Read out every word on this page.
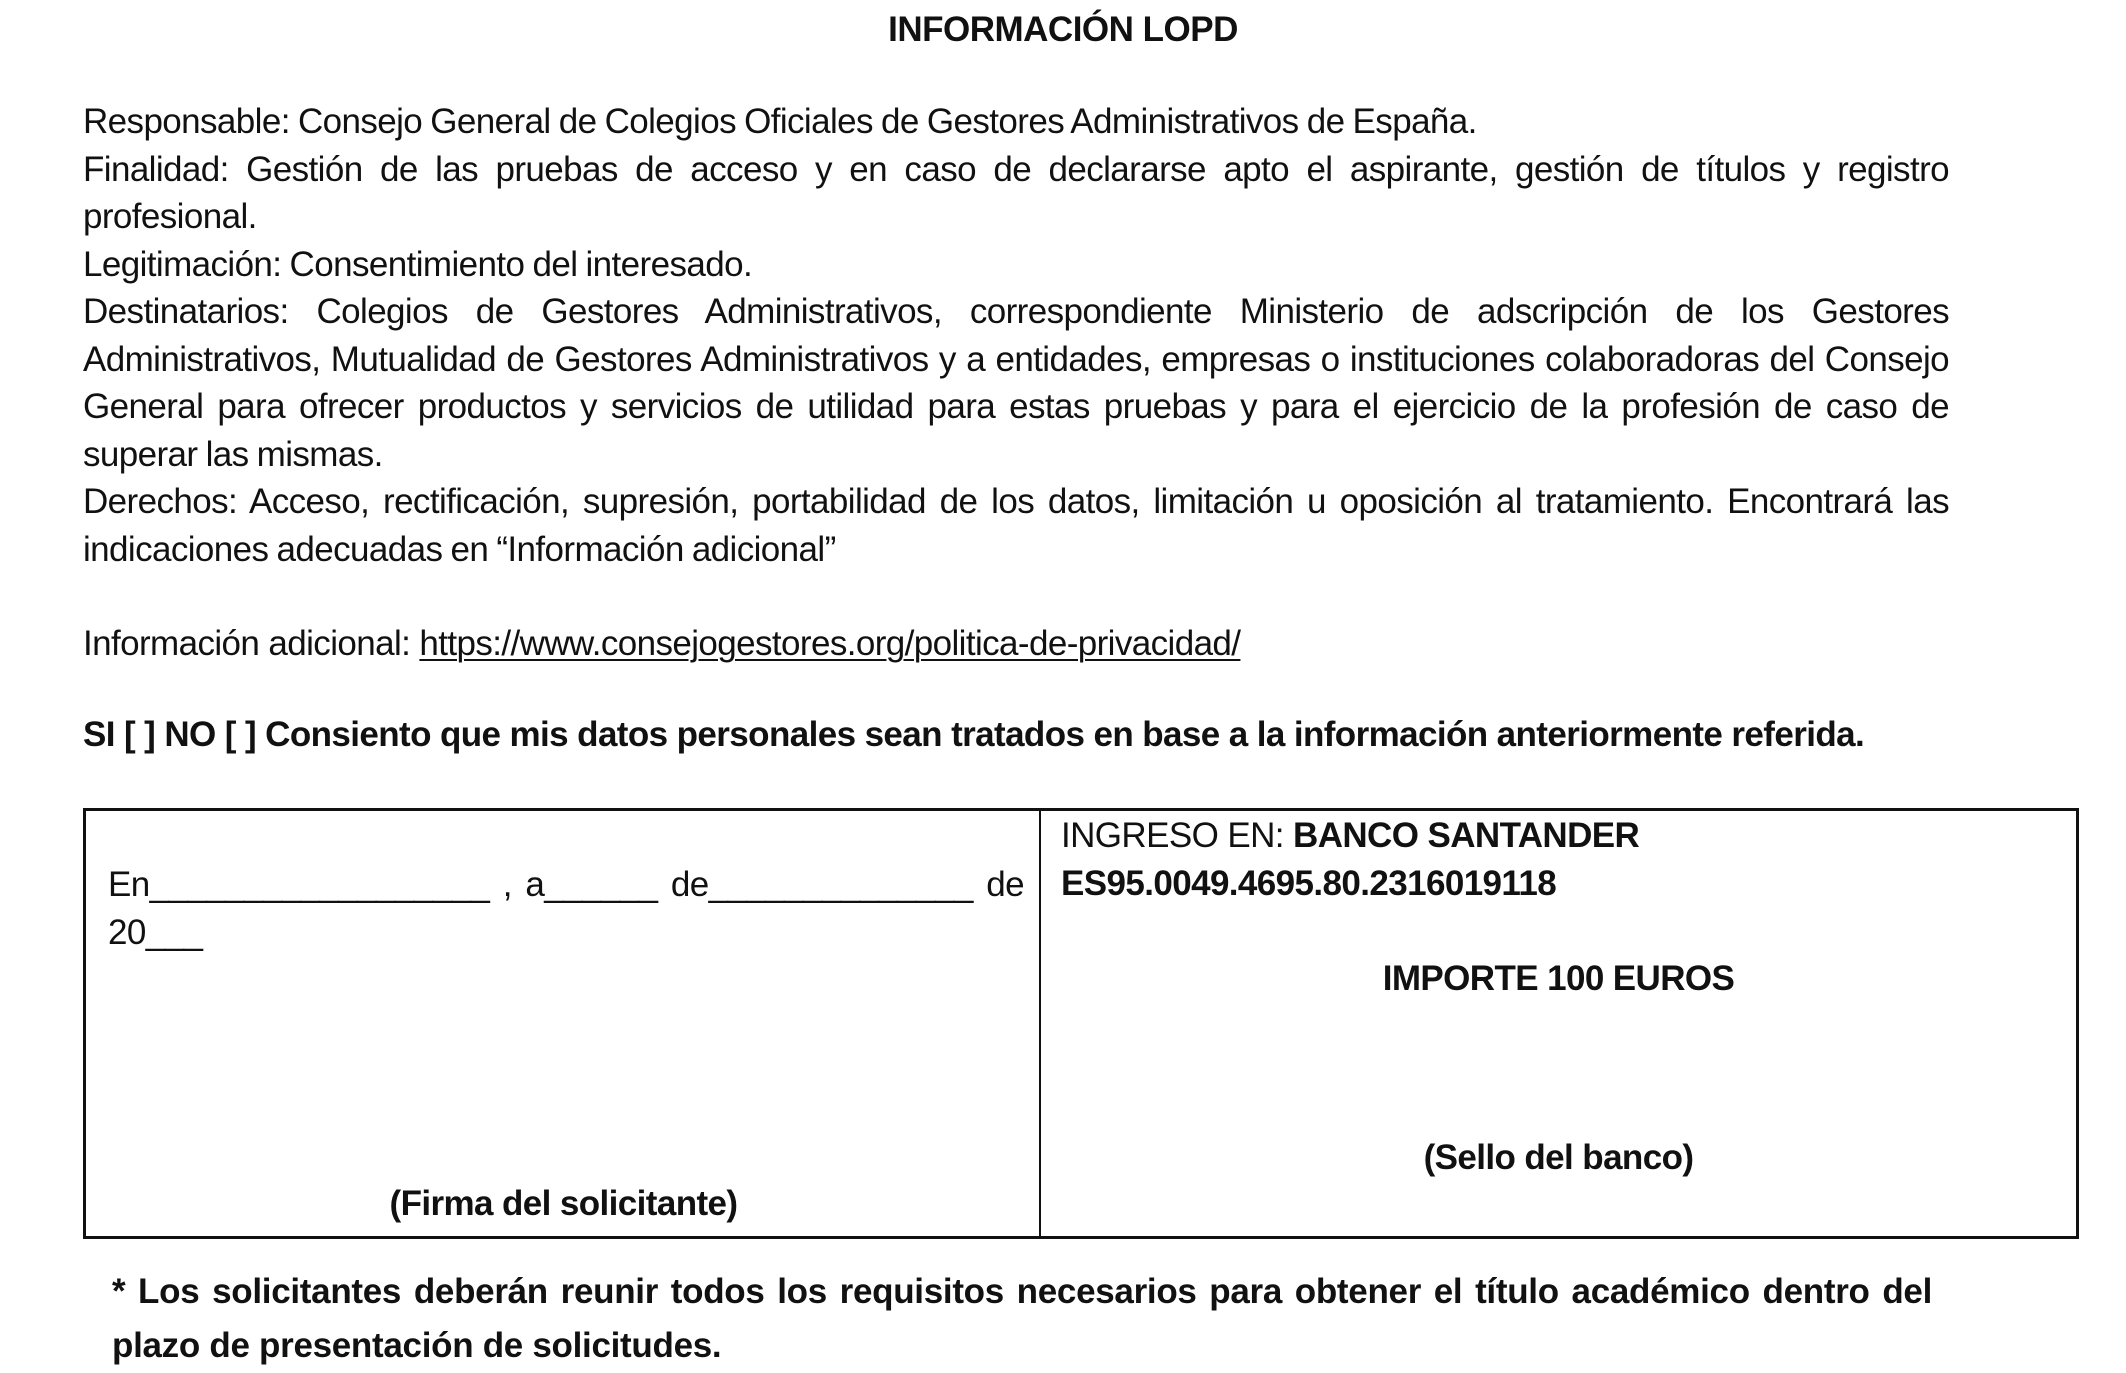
INFORMACIÓN LOPD

Responsable: Consejo General de Colegios Oficiales de Gestores Administrativos de España.

Finalidad: Gestión de las pruebas de acceso y en caso de declararse apto el aspirante, gestión de títulos y registro profesional.

Legitimación: Consentimiento del interesado.

Destinatarios: Colegios de Gestores Administrativos, correspondiente Ministerio de adscripción de los Gestores Administrativos, Mutualidad de Gestores Administrativos y a entidades, empresas o instituciones colaboradoras del Consejo General para ofrecer productos y servicios de utilidad para estas pruebas y para el ejercicio de la profesión de caso de superar las mismas.

Derechos: Acceso, rectificación, supresión, portabilidad de los datos, limitación u oposición al tratamiento. Encontrará las indicaciones adecuadas en “Información adicional”

Información adicional: https://www.consejogestores.org/politica-de-privacidad/

SI [ ] NO [ ] Consiento que mis datos personales sean tratados en base a la información anteriormente referida.
En__________________ , a______ de______________ de 20___
(Firma del solicitante)
INGRESO EN: BANCO SANTANDER
ES95.0049.4695.80.2316019118
IMPORTE 100 EUROS
(Sello del banco)
* Los solicitantes deberán reunir todos los requisitos necesarios para obtener el título académico dentro del plazo de presentación de solicitudes.
